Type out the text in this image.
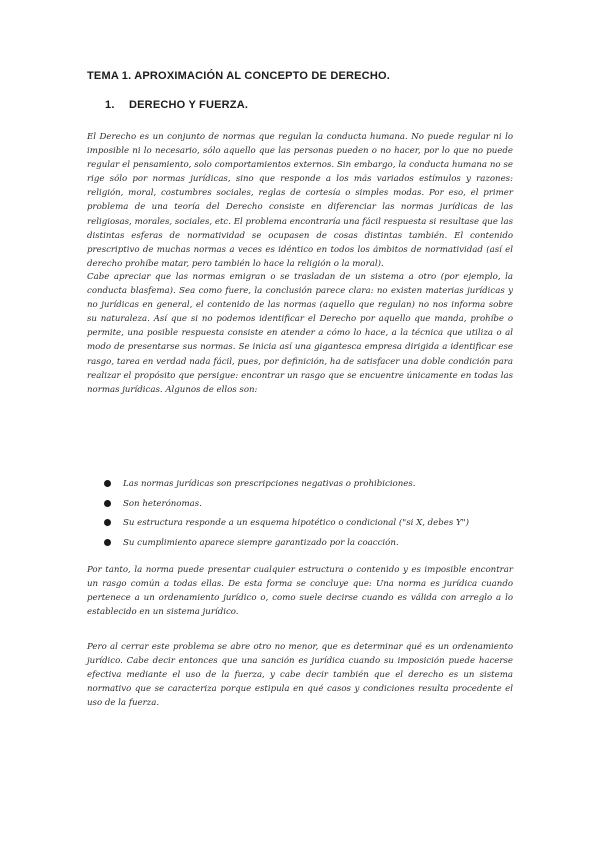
TEMA 1. APROXIMACIÓN AL CONCEPTO DE DERECHO.
1. DERECHO Y FUERZA.

El Derecho es un conjunto de normas que regulan la conducta humana. No puede regular ni lo imposible ni lo necesario, sólo aquello que las personas pueden o no hacer, por lo que no puede regular el pensamiento, solo comportamientos externos. Sin embargo, la conducta humana no se rige sólo por normas jurídicas, sino que responde a los más variados estímulos y razones: religión, moral, costumbres sociales, reglas de cortesía o simples modas. Por eso, el primer problema de una teoría del Derecho consiste en diferenciar las normas jurídicas de las religiosas, morales, sociales, etc. El problema encontraría una fácil respuesta si resultase que las distintas esferas de normatividad se ocupasen de cosas distintas también. El contenido prescriptivo de muchas normas a veces es idéntico en todos los ámbitos de normatividad (así el derecho prohíbe matar, pero también lo hace la religión o la moral).

Cabe apreciar que las normas emigran o se trasladan de un sistema a otro (por ejemplo, la conducta blasfema). Sea como fuere, la conclusión parece clara: no existen materias jurídicas y no jurídicas en general, el contenido de las normas (aquello que regulan) no nos informa sobre su naturaleza. Así que si no podemos identificar el Derecho por aquello que manda, prohíbe o permite, una posible respuesta consiste en atender a cómo lo hace, a la técnica que utiliza o al modo de presentarse sus normas. Se inicia así una gigantesca empresa dirigida a identificar ese rasgo, tarea en verdad nada fácil, pues, por definición, ha de satisfacer una doble condición para realizar el propósito que persigue: encontrar un rasgo que se encuentre únicamente en todas las normas jurídicas. Algunos de ellos son:

Las normas jurídicas son prescripciones negativas o prohibiciones.
Son heterónomas.
Su estructura responde a un esquema hipotético o condicional ("si X, debes Y")
Su cumplimiento aparece siempre garantizado por la coacción.

Por tanto, la norma puede presentar cualquier estructura o contenido y es imposible encontrar un rasgo común a todas ellas. De esta forma se concluye que: Una norma es jurídica cuando pertenece a un ordenamiento jurídico o, como suele decirse cuando es válida con arreglo a lo establecido en un sistema jurídico.

Pero al cerrar este problema se abre otro no menor, que es determinar qué es un ordenamiento jurídico. Cabe decir entonces que una sanción es jurídica cuando su imposición puede hacerse efectiva mediante el uso de la fuerza, y cabe decir también que el derecho es un sistema normativo que se caracteriza porque estipula en qué casos y condiciones resulta procedente el uso de la fuerza.
